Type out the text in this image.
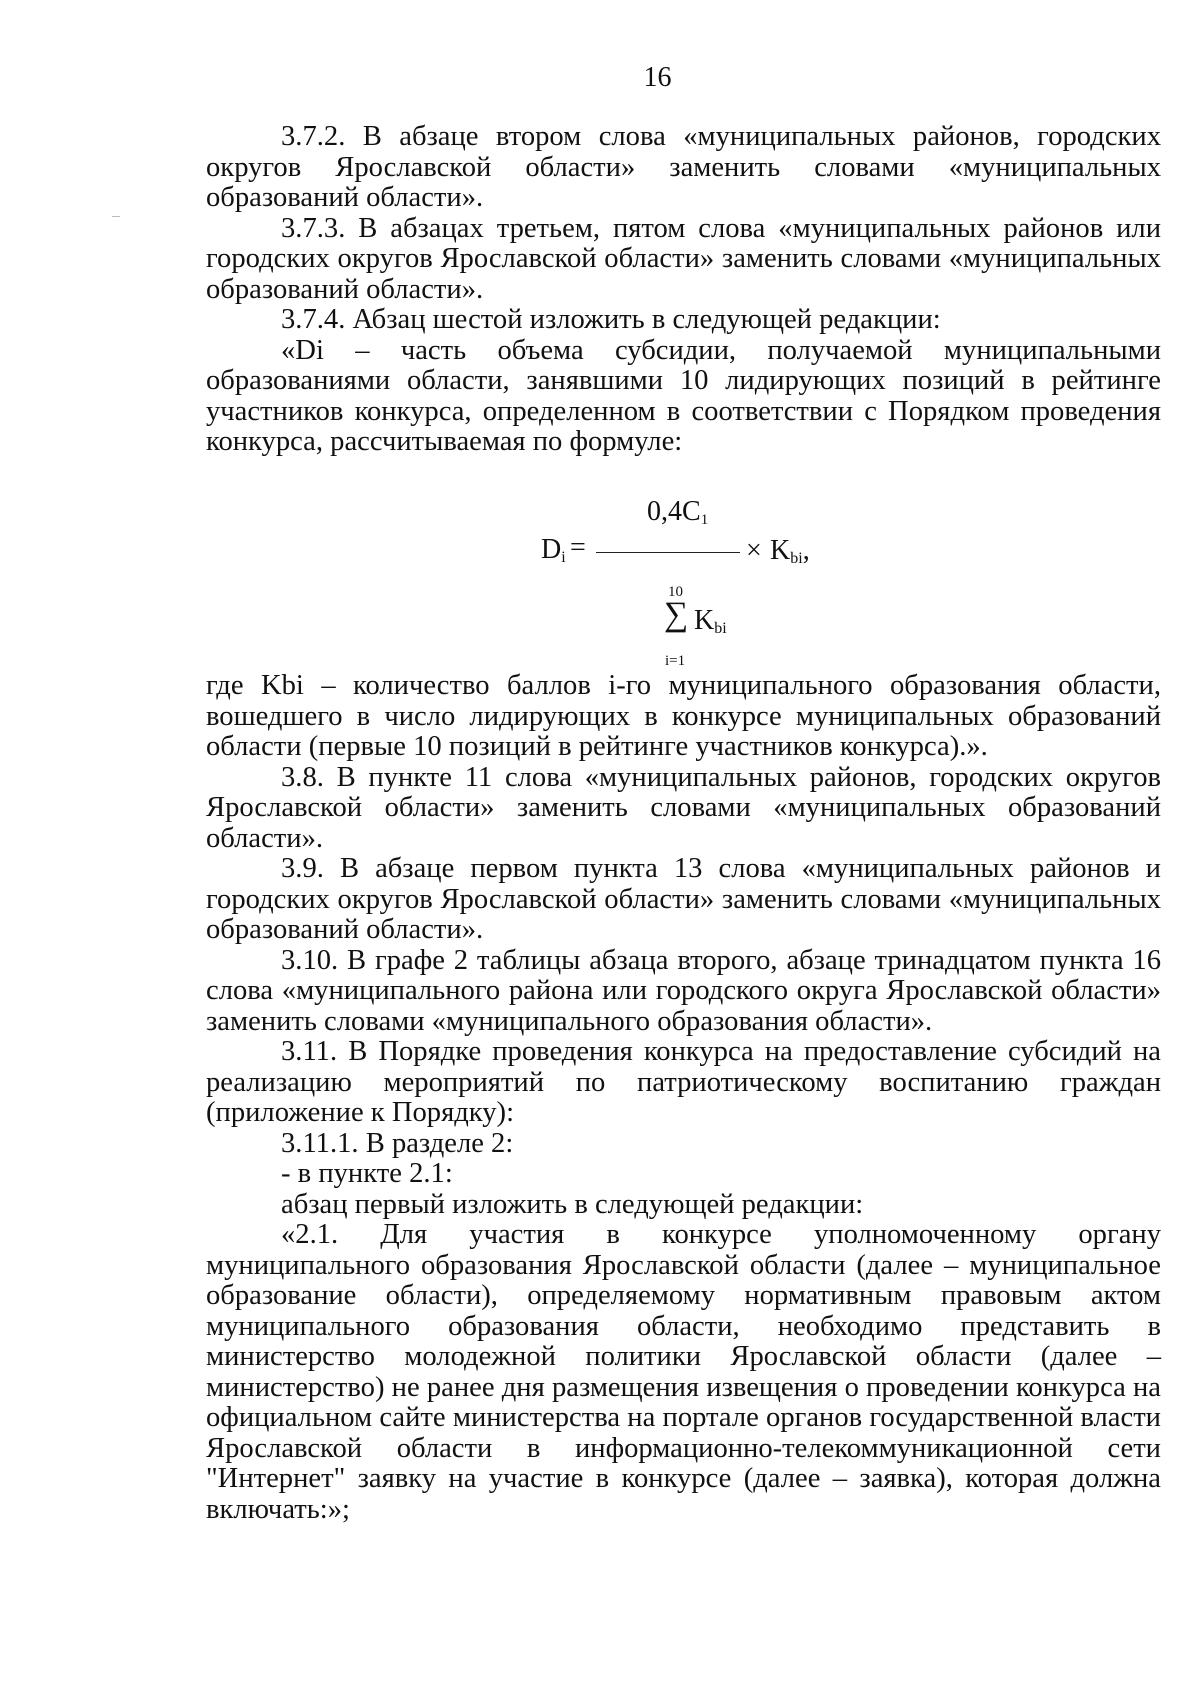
16

3.7.2. В абзаце втором слова «муниципальных районов, городских округов Ярославской области» заменить словами «муниципальных образований области».

3.7.3. В абзацах третьем, пятом слова «муниципальных районов или городских округов Ярославской области» заменить словами «муниципальных образований области».

3.7.4. Абзац шестой изложить в следующей редакции:

«Di – часть объема субсидии, получаемой муниципальными образованиями области, занявшими 10 лидирующих позиций в рейтинге участников конкурса, определенном в соответствии с Порядком проведения конкурса, рассчитываемая по формуле:

$0,4C_1$
$D_i$ =	× $K_{bi}$,
10
∑ $K_{bi}$
i=1

где Kbi – количество баллов i-го муниципального образования области, вошедшего в число лидирующих в конкурсе муниципальных образований области (первые 10 позиций в рейтинге участников конкурса).».

3.8. В пункте 11 слова «муниципальных районов, городских округов Ярославской области» заменить словами «муниципальных образований области».

3.9. В абзаце первом пункта 13 слова «муниципальных районов и городских округов Ярославской области» заменить словами «муниципальных образований области».

3.10. В графе 2 таблицы абзаца второго, абзаце тринадцатом пункта 16 слова «муниципального района или городского округа Ярославской области» заменить словами «муниципального образования области».

3.11. В Порядке проведения конкурса на предоставление субсидий на реализацию мероприятий по патриотическому воспитанию граждан (приложение к Порядку):

3.11.1. В разделе 2:

- в пункте 2.1:

абзац первый изложить в следующей редакции:

«2.1. Для участия в конкурсе уполномоченному органу муниципального образования Ярославской области (далее – муниципальное образование области), определяемому нормативным правовым актом муниципального образования области, необходимо представить в министерство молодежной политики Ярославской области (далее – министерство) не ранее дня размещения извещения о проведении конкурса на официальном сайте министерства на портале органов государственной власти Ярославской области в информационно-телекоммуникационной сети "Интернет" заявку на участие в конкурсе (далее – заявка), которая должна включать:»;
